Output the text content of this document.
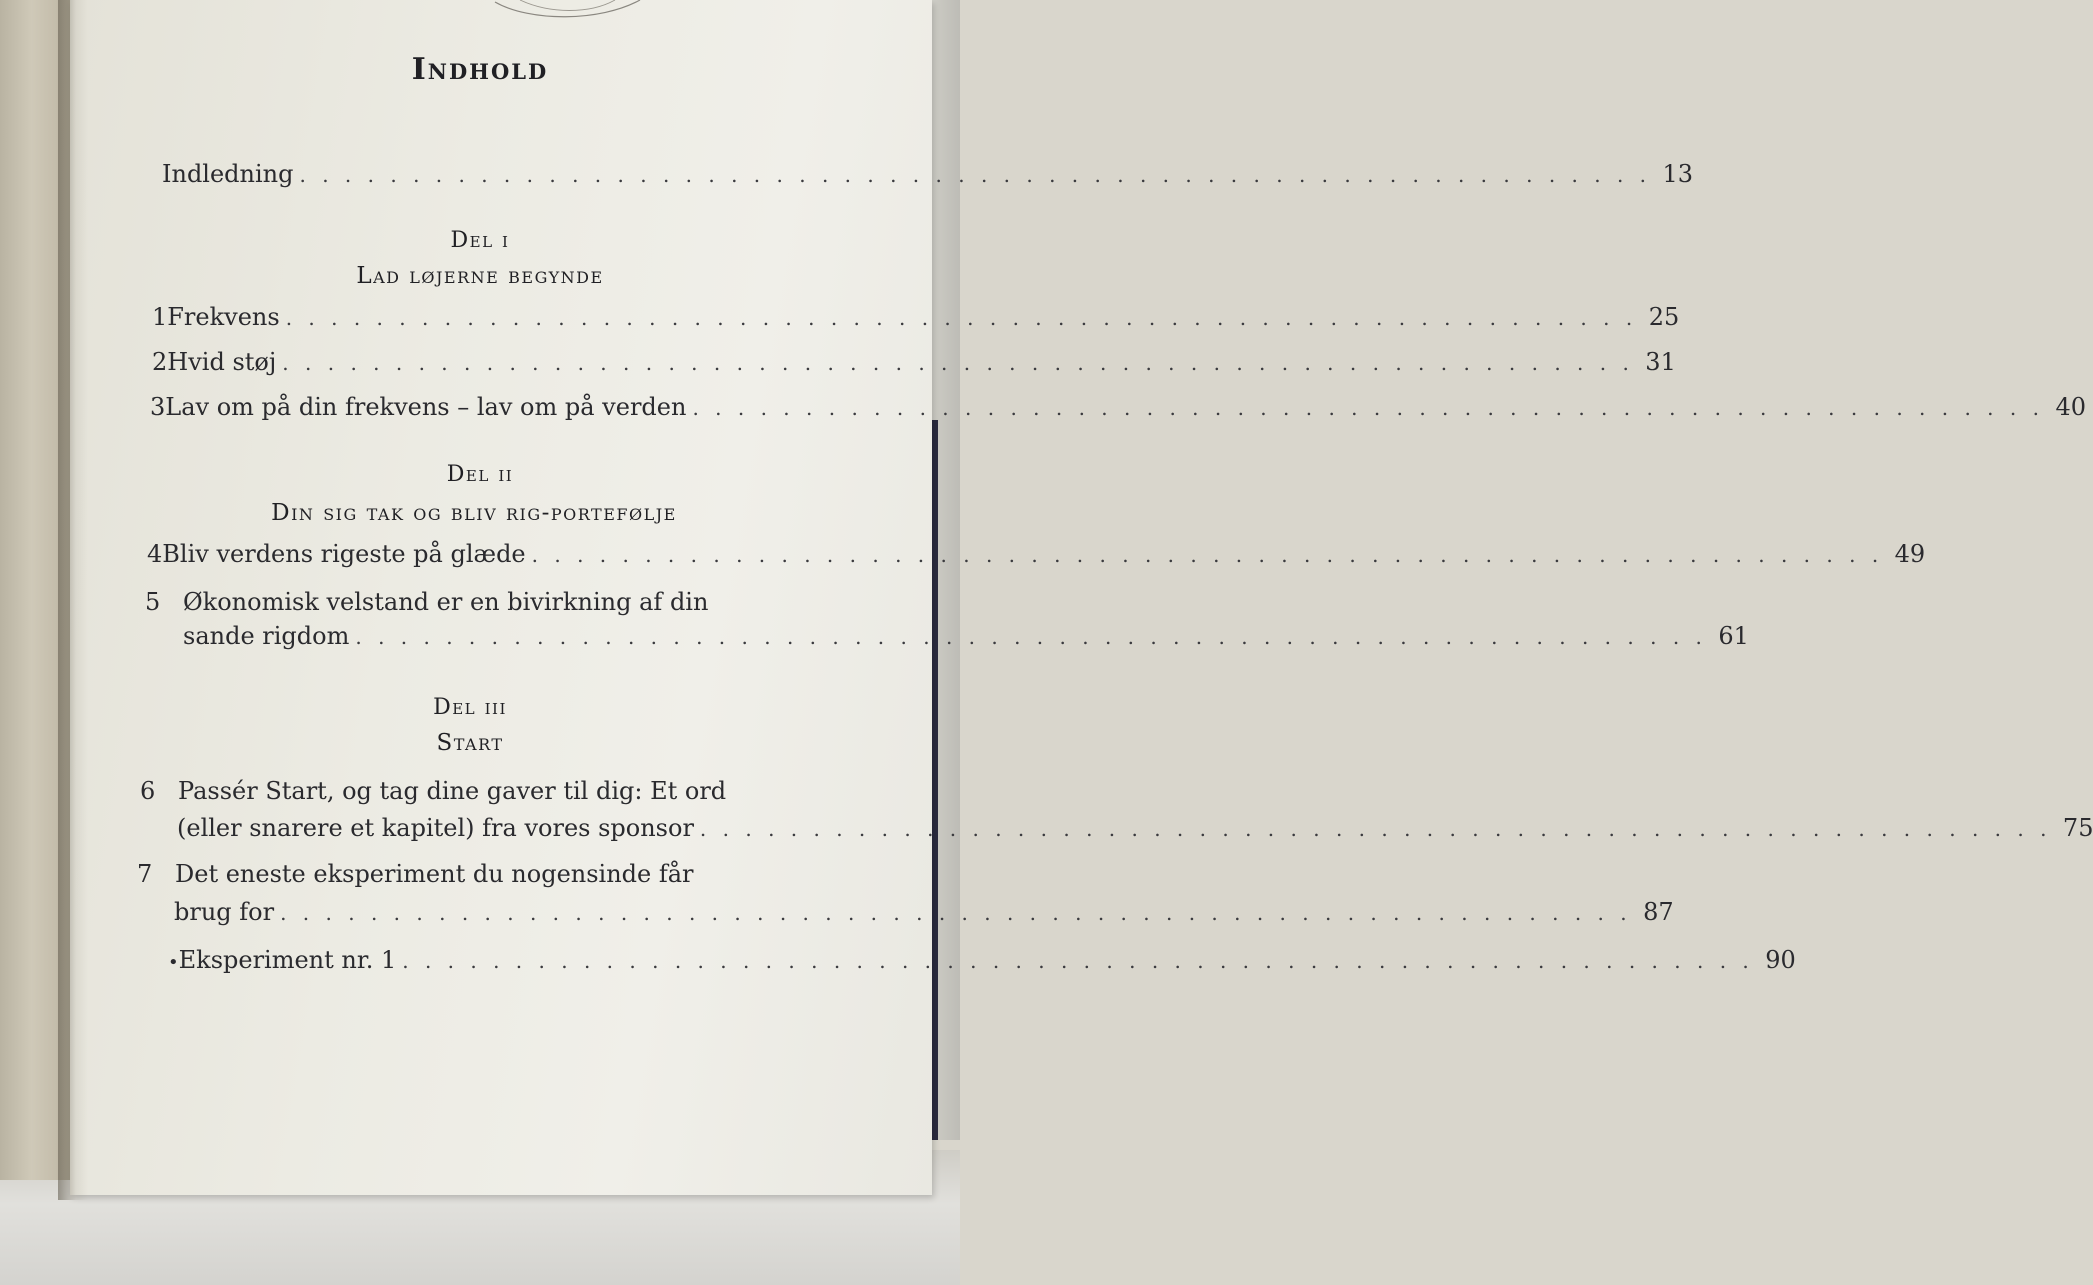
Indhold
Indledning . . . . . . . . . . . . . . . . . . . . . . . . . . . . . . . . . . . . . . . . . . . . . . . . . . . . . . . . . . . . 13
Del i
Lad løjerne begynde
1 Frekvens . . . . . . . . . . . . . . . . . . . . . . . . . . . . . . . . . . . . . . . . . . . . . . . . . . . . . . . . . . . . 25
2 Hvid støj . . . . . . . . . . . . . . . . . . . . . . . . . . . . . . . . . . . . . . . . . . . . . . . . . . . . . . . . . . . . 31
3 Lav om på din frekvens – lav om på verden . . . . . . . . . . . . . . . . . . . . . . . . . . . . . . . . . . . . . . . . . . . . . . . . . . . . . . . . . . . . 40
Del ii
Din sig tak og bliv rig-portefølje
4 Bliv verdens rigeste på glæde . . . . . . . . . . . . . . . . . . . . . . . . . . . . . . . . . . . . . . . . . . . . . . . . . . . . . . . . . . . . 49
5 Økonomisk velstand er en bivirkning af din
sande rigdom . . . . . . . . . . . . . . . . . . . . . . . . . . . . . . . . . . . . . . . . . . . . . . . . . . . . . . . . . . . . 61
Del iii
Start
6 Passér Start, og tag dine gaver til dig: Et ord
(eller snarere et kapitel) fra vores sponsor . . . . . . . . . . . . . . . . . . . . . . . . . . . . . . . . . . . . . . . . . . . . . . . . . . . . . . . . . . . . 75
7 Det eneste eksperiment du nogensinde får
brug for . . . . . . . . . . . . . . . . . . . . . . . . . . . . . . . . . . . . . . . . . . . . . . . . . . . . . . . . . . . . 87
• Eksperiment nr. 1 . . . . . . . . . . . . . . . . . . . . . . . . . . . . . . . . . . . . . . . . . . . . . . . . . . . . . . . . . . . . 90
